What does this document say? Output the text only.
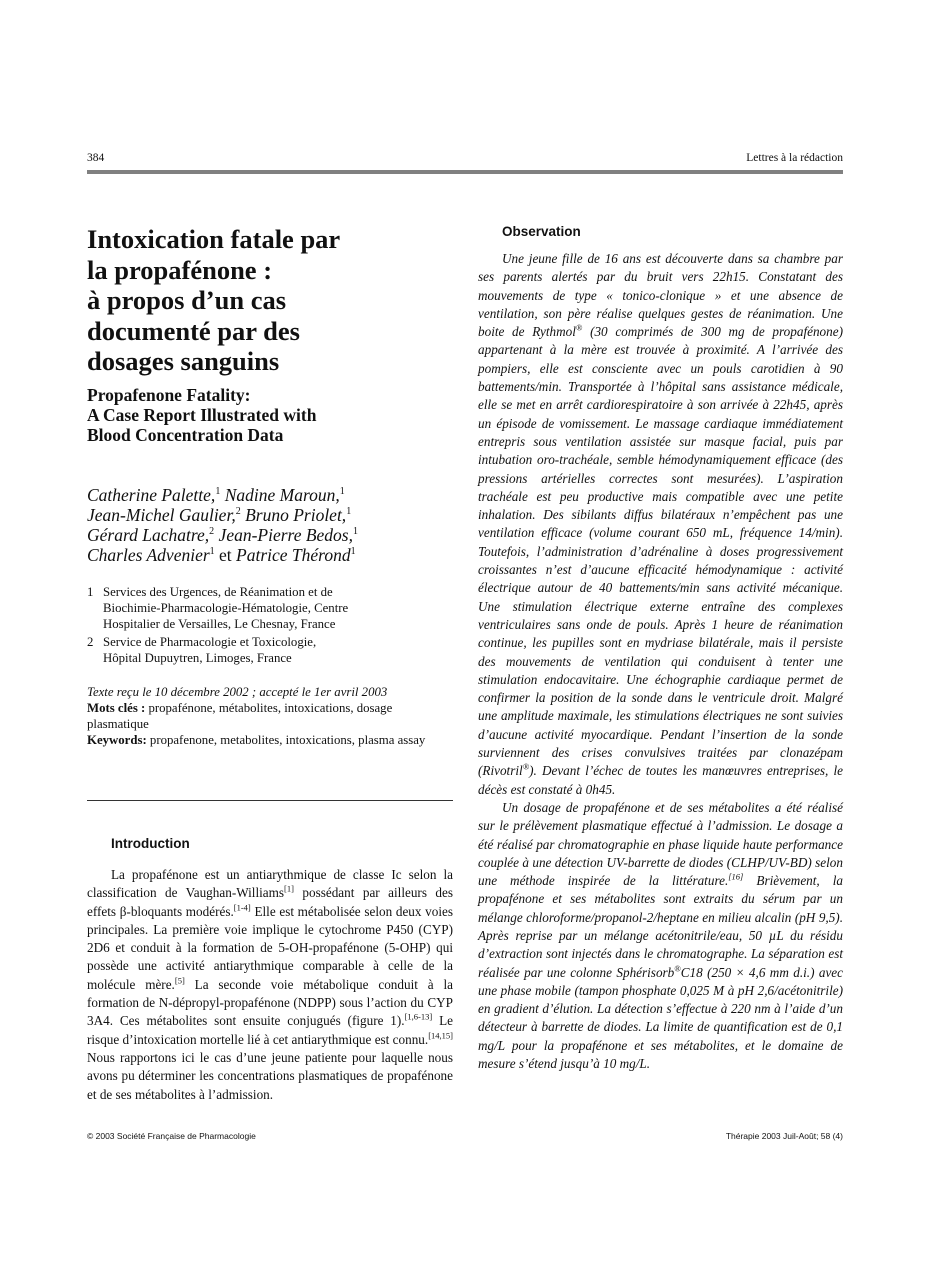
384	Lettres à la rédaction
Intoxication fatale par
la propafénone :
à propos d’un cas
documenté par des
dosages sanguins
Propafenone Fatality:
A Case Report Illustrated with
Blood Concentration Data
Catherine Palette,$^1$ Nadine Maroun,$^1$
Jean-Michel Gaulier,$^2$ Bruno Priolet,$^1$
Gérard Lachatre,$^2$ Jean-Pierre Bedos,$^1$
Charles Advenier$^1$ et Patrice Thérond$^1$
1 Services des Urgences, de Réanimation et de
Biochimie-Pharmacologie-Hématologie, Centre
Hospitalier de Versailles, Le Chesnay, France
2 Service de Pharmacologie et Toxicologie,
Hôpital Dupuytren, Limoges, France
Texte reçu le 10 décembre 2002 ; accepté le 1er avril 2003
Mots clés : propafénone, métabolites, intoxications, dosage plasmatique
Keywords: propafenone, metabolites, intoxications, plasma assay
Introduction

La propafénone est un antiarythmique de classe Ic selon la classification de Vaughan-Williams[1] possédant par ailleurs des effets β-bloquants modérés.[1-4] Elle est métabolisée selon deux voies principales. La première voie implique le cytochrome P450 (CYP) 2D6 et conduit à la formation de 5-OH-propafénone (5-OHP) qui possède une activité antiarythmique comparable à celle de la molécule mère.[5] La seconde voie métabolique conduit à la formation de N-dépropyl-propafénone (NDPP) sous l’action du CYP 3A4. Ces métabolites sont ensuite conjugués (figure 1).[1,6-13] Le risque d’intoxication mortelle lié à cet antiarythmique est connu.[14,15] Nous rapportons ici le cas d’une jeune patiente pour laquelle nous avons pu déterminer les concentrations plasmatiques de propafénone et de ses métabolites à l’admission.

Observation

Une jeune fille de 16 ans est découverte dans sa chambre par ses parents alertés par du bruit vers 22h15. Constatant des mouvements de type « tonico-clonique » et une absence de ventilation, son père réalise quelques gestes de réanimation. Une boite de Rythmol® (30 comprimés de 300 mg de propafénone) appartenant à la mère est trouvée à proximité. A l’arrivée des pompiers, elle est consciente avec un pouls carotidien à 90 battements/min. Transportée à l’hôpital sans assistance médicale, elle se met en arrêt cardiorespiratoire à son arrivée à 22h45, après un épisode de vomissement. Le massage cardiaque immédiatement entrepris sous ventilation assistée sur masque facial, puis par intubation oro-trachéale, semble hémodynamiquement efficace (des pressions artérielles correctes sont mesurées). L’aspiration trachéale est peu productive mais compatible avec une petite inhalation. Des sibilants diffus bilatéraux n’empêchent pas une ventilation efficace (volume courant 650 mL, fréquence 14/min). Toutefois, l’administration d’adrénaline à doses progressivement croissantes n’est d’aucune efficacité hémodynamique : activité électrique autour de 40 battements/min sans activité mécanique. Une stimulation électrique externe entraîne des complexes ventriculaires sans onde de pouls. Après 1 heure de réanimation continue, les pupilles sont en mydriase bilatérale, mais il persiste des mouvements de ventilation qui conduisent à tenter une stimulation endocavitaire. Une échographie cardiaque permet de confirmer la position de la sonde dans le ventricule droit. Malgré une amplitude maximale, les stimulations électriques ne sont suivies d’aucune activité myocardique. Pendant l’insertion de la sonde surviennent des crises convulsives traitées par clonazépam (Rivotril®). Devant l’échec de toutes les manœuvres entreprises, le décès est constaté à 0h45.

Un dosage de propafénone et de ses métabolites a été réalisé sur le prélèvement plasmatique effectué à l’admission. Le dosage a été réalisé par chromatographie en phase liquide haute performance couplée à une détection UV-barrette de diodes (CLHP/UV-BD) selon une méthode inspirée de la littérature.[16] Brièvement, la propafénone et ses métabolites sont extraits du sérum par un mélange chloroforme/propanol-2/heptane en milieu alcalin (pH 9,5). Après reprise par un mélange acétonitrile/eau, 50 µL du résidu d’extraction sont injectés dans le chromatographe. La séparation est réalisée par une colonne Sphérisorb®C18 (250 × 4,6 mm d.i.) avec une phase mobile (tampon phosphate 0,025 M à pH 2,6/acétonitrile) en gradient d’élution. La détection s’effectue à 220 nm à l’aide d’un détecteur à barrette de diodes. La limite de quantification est de 0,1 mg/L pour la propafénone et ses métabolites, et le domaine de mesure s’étend jusqu’à 10 mg/L.

© 2003 Société Française de Pharmacologie	Thérapie 2003 Juil-Août; 58 (4)
